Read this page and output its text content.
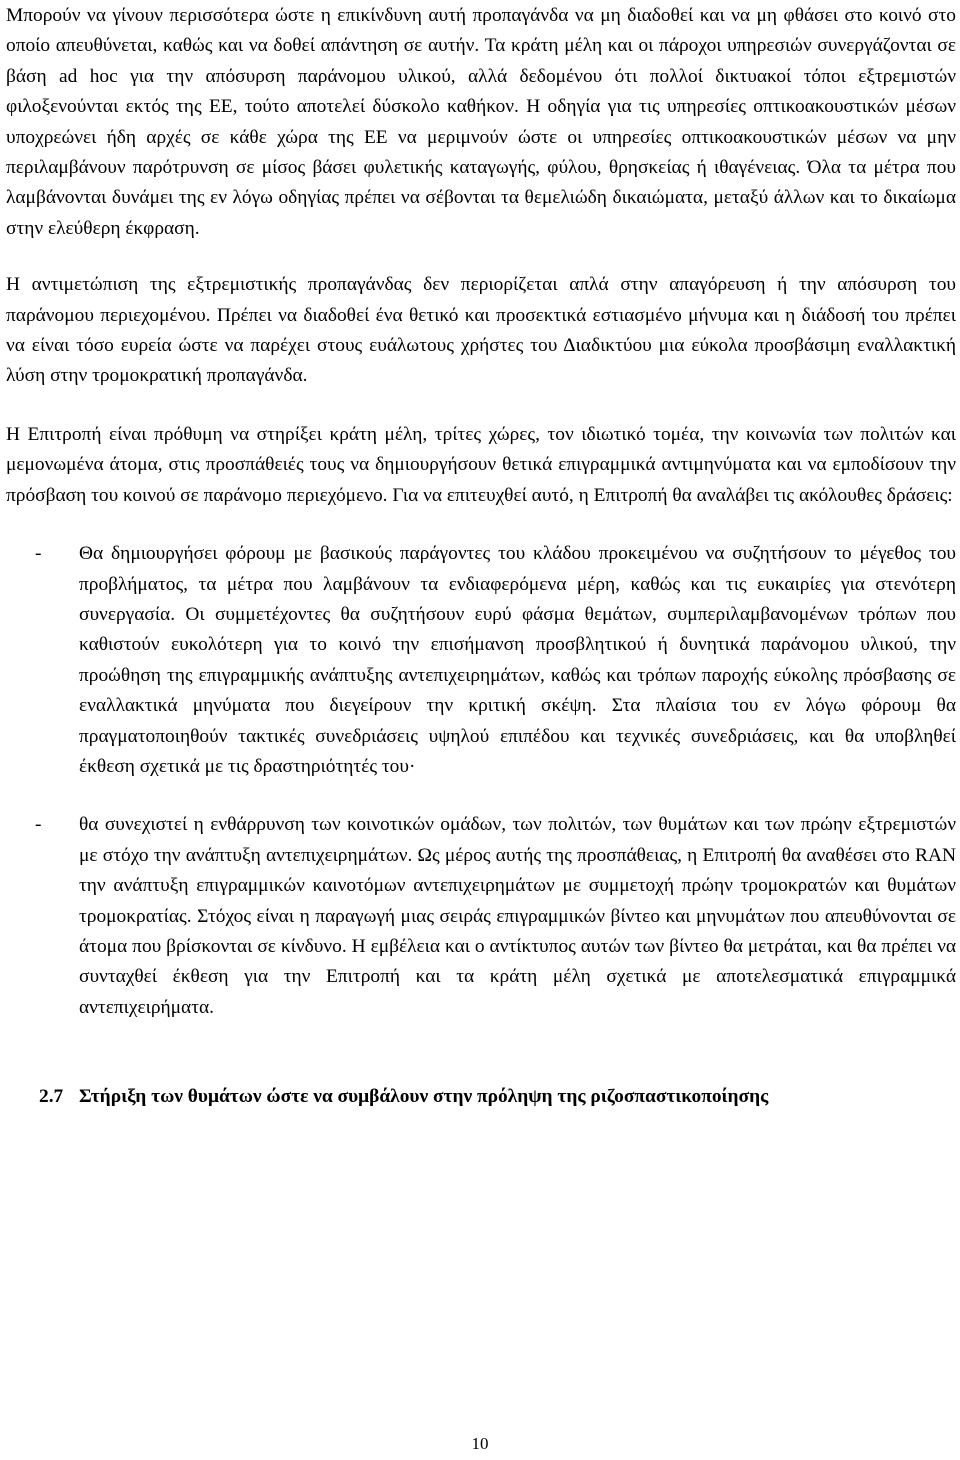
Μπορούν να γίνουν περισσότερα ώστε η επικίνδυνη αυτή προπαγάνδα να μη διαδοθεί και να μη φθάσει στο κοινό στο οποίο απευθύνεται, καθώς και να δοθεί απάντηση σε αυτήν. Τα κράτη μέλη και οι πάροχοι υπηρεσιών συνεργάζονται σε βάση ad hoc για την απόσυρση παράνομου υλικού, αλλά δεδομένου ότι πολλοί δικτυακοί τόποι εξτρεμιστών φιλοξενούνται εκτός της ΕΕ, τούτο αποτελεί δύσκολο καθήκον. Η οδηγία για τις υπηρεσίες οπτικοακουστικών μέσων υποχρεώνει ήδη αρχές σε κάθε χώρα της ΕΕ να μεριμνούν ώστε οι υπηρεσίες οπτικοακουστικών μέσων να μην περιλαμβάνουν παρότρυνση σε μίσος βάσει φυλετικής καταγωγής, φύλου, θρησκείας ή ιθαγένειας. Όλα τα μέτρα που λαμβάνονται δυνάμει της εν λόγω οδηγίας πρέπει να σέβονται τα θεμελιώδη δικαιώματα, μεταξύ άλλων και το δικαίωμα στην ελεύθερη έκφραση.

Η αντιμετώπιση της εξτρεμιστικής προπαγάνδας δεν περιορίζεται απλά στην απαγόρευση ή την απόσυρση του παράνομου περιεχομένου. Πρέπει να διαδοθεί ένα θετικό και προσεκτικά εστιασμένο μήνυμα και η διάδοσή του πρέπει να είναι τόσο ευρεία ώστε να παρέχει στους ευάλωτους χρήστες του Διαδικτύου μια εύκολα προσβάσιμη εναλλακτική λύση στην τρομοκρατική προπαγάνδα.

Η Επιτροπή είναι πρόθυμη να στηρίξει κράτη μέλη, τρίτες χώρες, τον ιδιωτικό τομέα, την κοινωνία των πολιτών και μεμονωμένα άτομα, στις προσπάθειές τους να δημιουργήσουν θετικά επιγραμμικά αντιμηνύματα και να εμποδίσουν την πρόσβαση του κοινού σε παράνομο περιεχόμενο. Για να επιτευχθεί αυτό, η Επιτροπή θα αναλάβει τις ακόλουθες δράσεις:

- Θα δημιουργήσει φόρουμ με βασικούς παράγοντες του κλάδου προκειμένου να συζητήσουν το μέγεθος του προβλήματος, τα μέτρα που λαμβάνουν τα ενδιαφερόμενα μέρη, καθώς και τις ευκαιρίες για στενότερη συνεργασία. Οι συμμετέχοντες θα συζητήσουν ευρύ φάσμα θεμάτων, συμπεριλαμβανομένων τρόπων που καθιστούν ευκολότερη για το κοινό την επισήμανση προσβλητικού ή δυνητικά παράνομου υλικού, την προώθηση της επιγραμμικής ανάπτυξης αντεπιχειρημάτων, καθώς και τρόπων παροχής εύκολης πρόσβασης σε εναλλακτικά μηνύματα που διεγείρουν την κριτική σκέψη. Στα πλαίσια του εν λόγω φόρουμ θα πραγματοποιηθούν τακτικές συνεδριάσεις υψηλού επιπέδου και τεχνικές συνεδριάσεις, και θα υποβληθεί έκθεση σχετικά με τις δραστηριότητές του·

- θα συνεχιστεί η ενθάρρυνση των κοινοτικών ομάδων, των πολιτών, των θυμάτων και των πρώην εξτρεμιστών με στόχο την ανάπτυξη αντεπιχειρημάτων. Ως μέρος αυτής της προσπάθειας, η Επιτροπή θα αναθέσει στο RAN την ανάπτυξη επιγραμμικών καινοτόμων αντεπιχειρημάτων με συμμετοχή πρώην τρομοκρατών και θυμάτων τρομοκρατίας. Στόχος είναι η παραγωγή μιας σειράς επιγραμμικών βίντεο και μηνυμάτων που απευθύνονται σε άτομα που βρίσκονται σε κίνδυνο. Η εμβέλεια και ο αντίκτυπος αυτών των βίντεο θα μετράται, και θα πρέπει να συνταχθεί έκθεση για την Επιτροπή και τα κράτη μέλη σχετικά με αποτελεσματικά επιγραμμικά αντεπιχειρήματα.

2.7 Στήριξη των θυμάτων ώστε να συμβάλουν στην πρόληψη της ριζοσπαστικοποίησης
10
